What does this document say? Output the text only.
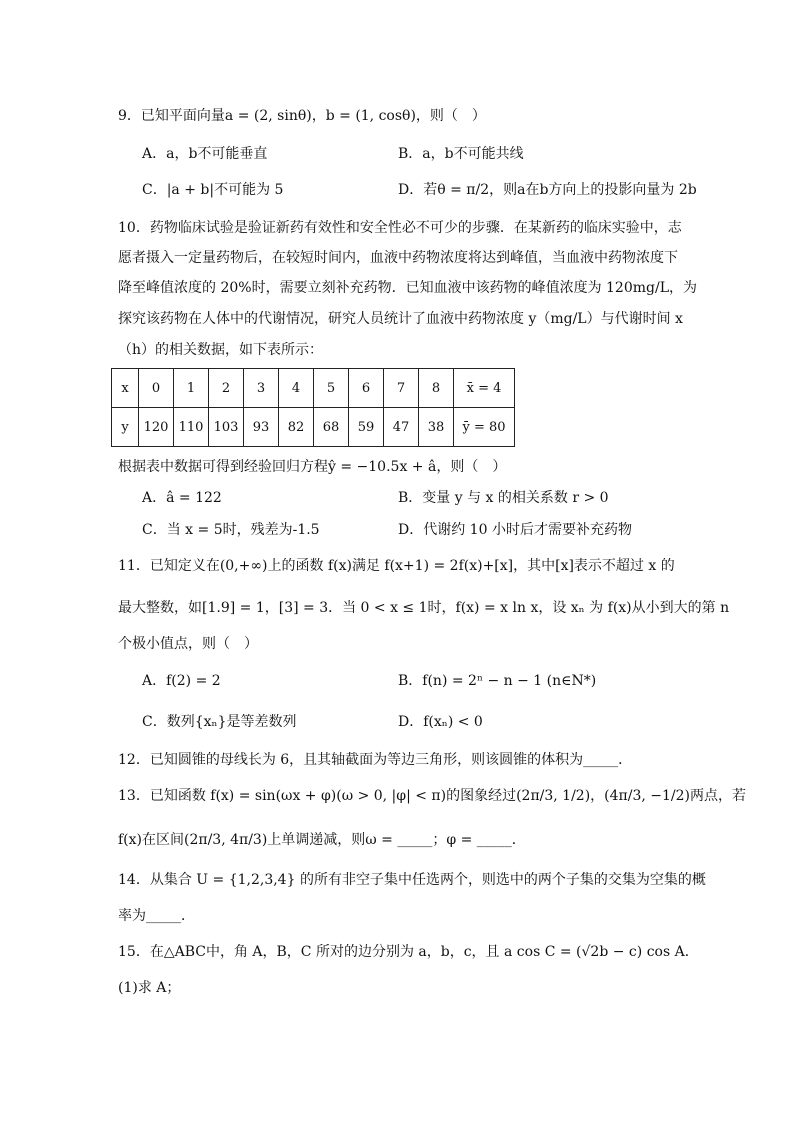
9．已知平面向量a = (2, sinθ)，b = (1, cosθ)，则（　）
A．a，b不可能垂直	B．a，b不可能共线
C．|a + b|不可能为 5	D．若θ = π/2，则a在b方向上的投影向量为 2b
10．药物临床试验是验证新药有效性和安全性必不可少的步骤．在某新药的临床实验中，志
愿者摄入一定量药物后，在较短时间内，血液中药物浓度将达到峰值，当血液中药物浓度下
降至峰值浓度的 20%时，需要立刻补充药物．已知血液中该药物的峰值浓度为 120mg/L，为
探究该药物在人体中的代谢情况，研究人员统计了血液中药物浓度 y（mg/L）与代谢时间 x
（h）的相关数据，如下表所示：
x	0	1	2	3	4	5	6	7	8	x̄ = 4
y	120	110	103	93	82	68	59	47	38	ȳ = 80
根据表中数据可得到经验回归方程ŷ = −10.5x + â，则（　）
A．â = 122	B．变量 y 与 x 的相关系数 r > 0
C．当 x = 5时，残差为-1.5	D．代谢约 10 小时后才需要补充药物
11．已知定义在(0,+∞)上的函数 f(x)满足 f(x+1) = 2f(x)+[x]，其中[x]表示不超过 x 的
最大整数，如[1.9] = 1，[3] = 3．当 0 < x ≤ 1时，f(x) = x ln x，设 xₙ 为 f(x)从小到大的第 n
个极小值点，则（　）
A．f(2) = 2	B．f(n) = 2ⁿ − n − 1 (n∈N*)
C．数列{xₙ}是等差数列	D．f(xₙ) < 0
12．已知圆锥的母线长为 6，且其轴截面为等边三角形，则该圆锥的体积为_____．
13．已知函数 f(x) = sin(ωx + φ)(ω > 0, |φ| < π)的图象经过(2π/3, 1/2)，(4π/3, −1/2)两点，若
f(x)在区间(2π/3, 4π/3)上单调递减，则ω = _____；φ = _____．
14．从集合 U = {1,2,3,4} 的所有非空子集中任选两个，则选中的两个子集的交集为空集的概
率为_____．
15．在△ABC中，角 A，B，C 所对的边分别为 a，b，c，且 a cos C = (√2b − c) cos A．
(1)求 A；
